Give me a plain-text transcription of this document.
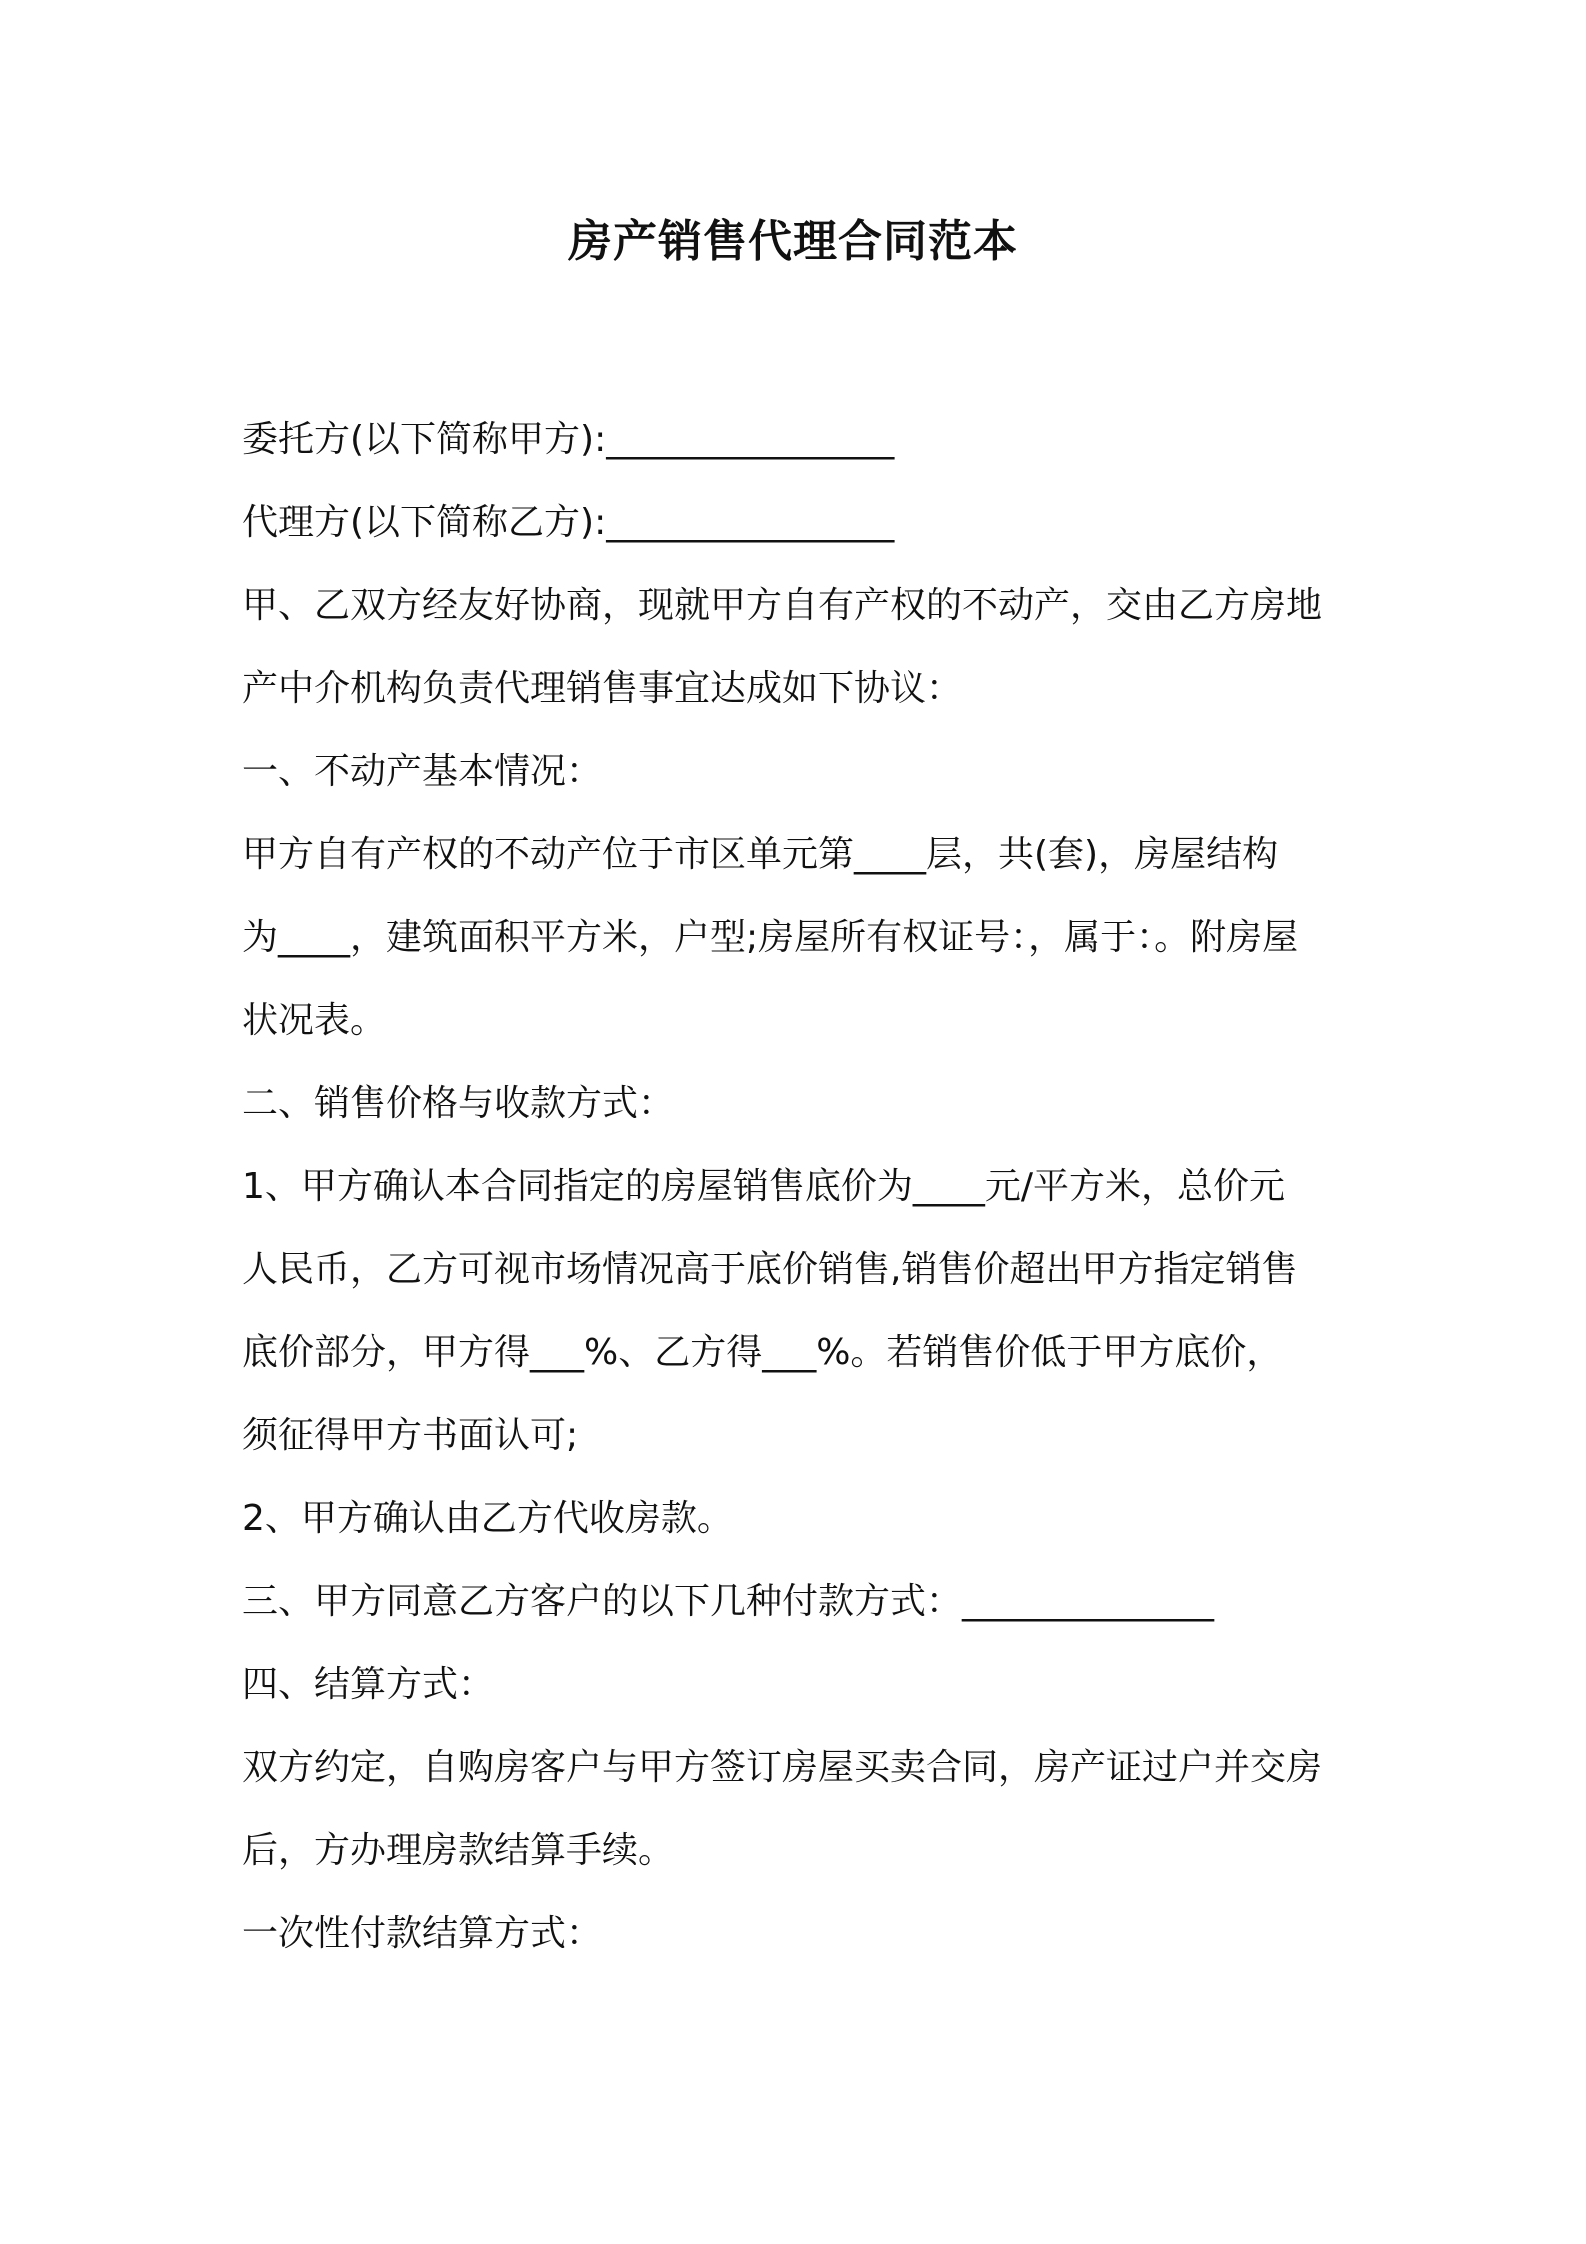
房产销售代理合同范本
委托方(以下简称甲方):________________
代理方(以下简称乙方):________________
甲、乙双方经友好协商，现就甲方自有产权的不动产，交由乙方房地
产中介机构负责代理销售事宜达成如下协议：
一、不动产基本情况：
甲方自有产权的不动产位于市区单元第____层，共(套)，房屋结构
为____，建筑面积平方米，户型;房屋所有权证号：，属于：。附房屋
状况表。
二、销售价格与收款方式：
1、甲方确认本合同指定的房屋销售底价为____元/平方米，总价元
人民币，乙方可视市场情况高于底价销售,销售价超出甲方指定销售
底价部分，甲方得___%、乙方得___%。若销售价低于甲方底价，
须征得甲方书面认可;
2、甲方确认由乙方代收房款。
三、甲方同意乙方客户的以下几种付款方式：______________
四、结算方式：
双方约定，自购房客户与甲方签订房屋买卖合同，房产证过户并交房
后，方办理房款结算手续。
一次性付款结算方式：
